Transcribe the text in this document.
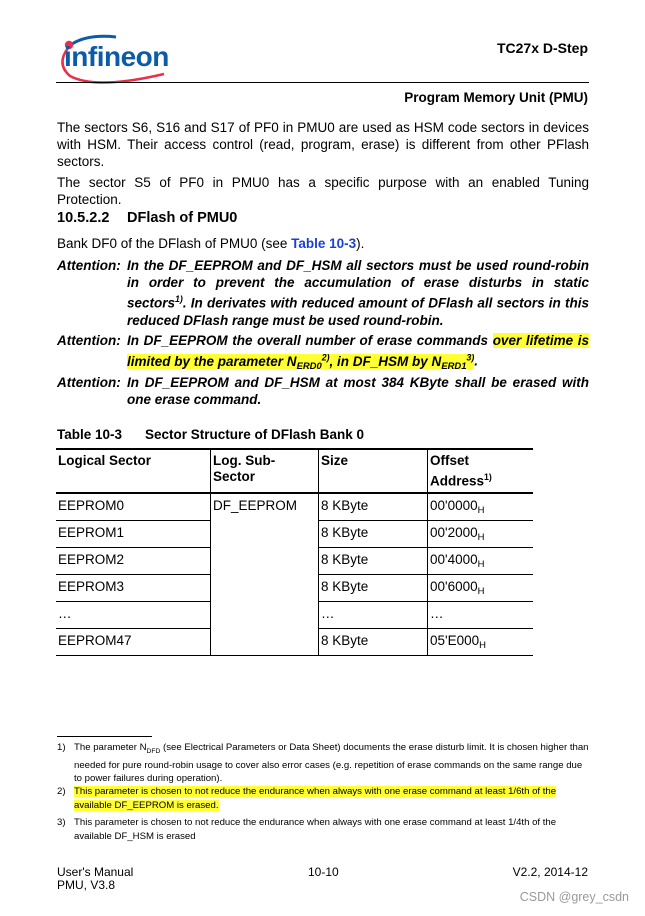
infineon	TC27x D-Step
Program Memory Unit (PMU)
The sectors S6, S16 and S17 of PF0 in PMU0 are used as HSM code sectors in devices with HSM. Their access control (read, program, erase) is different from other PFlash sectors.
The sector S5 of PF0 in PMU0 has a specific purpose with an enabled Tuning Protection.
10.5.2.2 DFlash of PMU0
Bank DF0 of the DFlash of PMU0 (see Table 10-3).
Attention: In the DF_EEPROM and DF_HSM all sectors must be used round-robin in order to prevent the accumulation of erase disturbs in static sectors$^{1)}$. In derivates with reduced amount of DFlash all sectors in this reduced DFlash range must be used round-robin.
Attention: In DF_EEPROM the overall number of erase commands over lifetime is limited by the parameter $N_{ERD0}^{2)}$, in DF_HSM by $N_{ERD1}^{3)}$.
Attention: In DF_EEPROM and DF_HSM at most 384 KByte shall be erased with one erase command.
Table 10-3 Sector Structure of DFlash Bank 0
Logical Sector	Log. Sub-Sector	Size	Offset Address$^{1)}$
EEPROM0	DF_EEPROM	8 KByte	$00'0000_H$
EEPROM1		8 KByte	$00'2000_H$
EEPROM2		8 KByte	$00'4000_H$
EEPROM3		8 KByte	$00'6000_H$
…		…	…
EEPROM47		8 KByte	$05'E000_H$
1) The parameter $N_{DFD}$ (see Electrical Parameters or Data Sheet) documents the erase disturb limit. It is chosen higher than needed for pure round-robin usage to cover also error cases (e.g. repetition of erase commands on the same range due to power failures during operation).
2) This parameter is chosen to not reduce the endurance when always with one erase command at least 1/6th of the available DF_EEPROM is erased.
3) This parameter is chosen to not reduce the endurance when always with one erase command at least 1/4th of the available DF_HSM is erased
User's Manual
PMU, V3.8
10-10	V2.2, 2014-12
CSDN @grey_csdn
